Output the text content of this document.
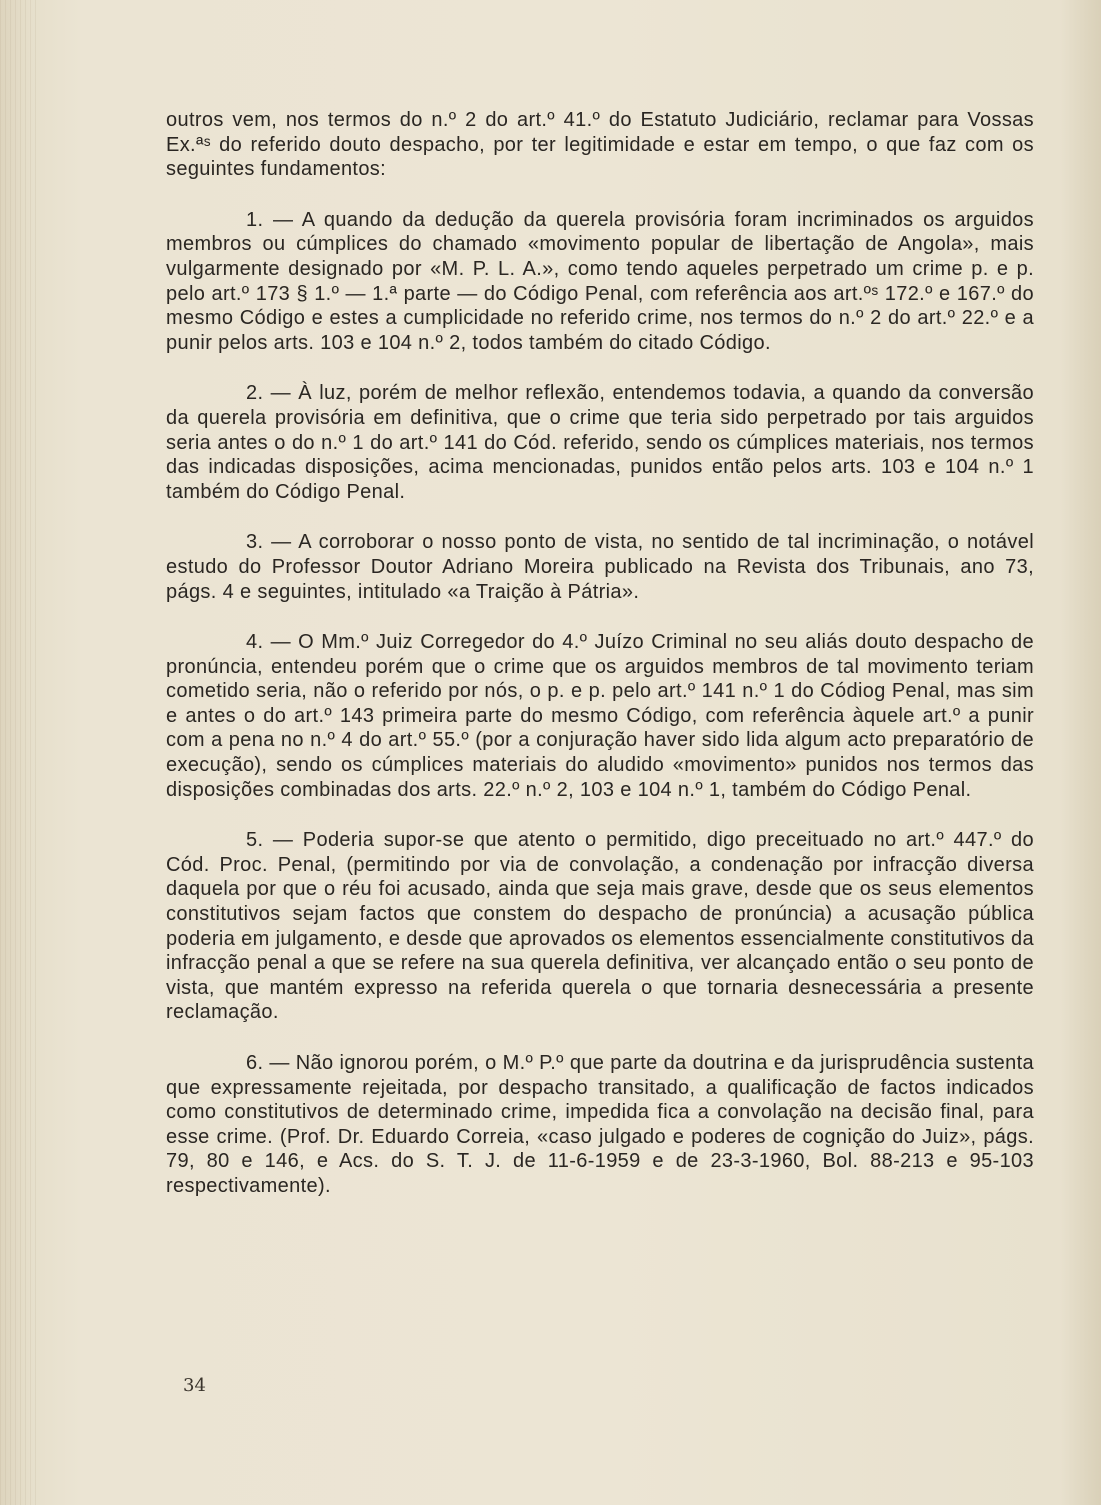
outros vem, nos termos do n.º 2 do art.º 41.º do Estatuto Judiciário, reclamar para Vossas Ex.ªˢ do referido douto despacho, por ter legitimidade e estar em tempo, o que faz com os seguintes fundamentos:

1. — A quando da dedução da querela provisória foram incriminados os arguidos membros ou cúmplices do chamado «movimento popular de libertação de Angola», mais vulgarmente designado por «M. P. L. A.», como tendo aqueles perpetrado um crime p. e p. pelo art.º 173 § 1.º — 1.ª parte — do Código Penal, com referência aos art.ºˢ 172.º e 167.º do mesmo Código e estes a cumplicidade no referido crime, nos termos do n.º 2 do art.º 22.º e a punir pelos arts. 103 e 104 n.º 2, todos também do citado Código.

2. — À luz, porém de melhor reflexão, entendemos todavia, a quando da conversão da querela provisória em definitiva, que o crime que teria sido perpetrado por tais arguidos seria antes o do n.º 1 do art.º 141 do Cód. referido, sendo os cúmplices materiais, nos termos das indicadas disposições, acima mencionadas, punidos então pelos arts. 103 e 104 n.º 1 também do Código Penal.

3. — A corroborar o nosso ponto de vista, no sentido de tal incriminação, o notável estudo do Professor Doutor Adriano Moreira publicado na Revista dos Tribunais, ano 73, págs. 4 e seguintes, intitulado «a Traição à Pátria».

4. — O Mm.º Juiz Corregedor do 4.º Juízo Criminal no seu aliás douto despacho de pronúncia, entendeu porém que o crime que os arguidos membros de tal movimento teriam cometido seria, não o referido por nós, o p. e p. pelo art.º 141 n.º 1 do Códiog Penal, mas sim e antes o do art.º 143 primeira parte do mesmo Código, com referência àquele art.º a punir com a pena no n.º 4 do art.º 55.º (por a conjuração haver sido lida algum acto preparatório de execução), sendo os cúmplices materiais do aludido «movimento» punidos nos termos das disposições combinadas dos arts. 22.º n.º 2, 103 e 104 n.º 1, também do Código Penal.

5. — Poderia supor-se que atento o permitido, digo preceituado no art.º 447.º do Cód. Proc. Penal, (permitindo por via de convolação, a condenação por infracção diversa daquela por que o réu foi acusado, ainda que seja mais grave, desde que os seus elementos constitutivos sejam factos que constem do despacho de pronúncia) a acusação pública poderia em julgamento, e desde que aprovados os elementos essencialmente constitutivos da infracção penal a que se refere na sua querela definitiva, ver alcançado então o seu ponto de vista, que mantém expresso na referida querela o que tornaria desnecessária a presente reclamação.

6. — Não ignorou porém, o M.º P.º que parte da doutrina e da jurisprudência sustenta que expressamente rejeitada, por despacho transitado, a qualificação de factos indicados como constitutivos de determinado crime, impedida fica a convolação na decisão final, para esse crime. (Prof. Dr. Eduardo Correia, «caso julgado e poderes de cognição do Juiz», págs. 79, 80 e 146, e Acs. do S. T. J. de 11-6-1959 e de 23-3-1960, Bol. 88-213 e 95-103 respectivamente).

34
